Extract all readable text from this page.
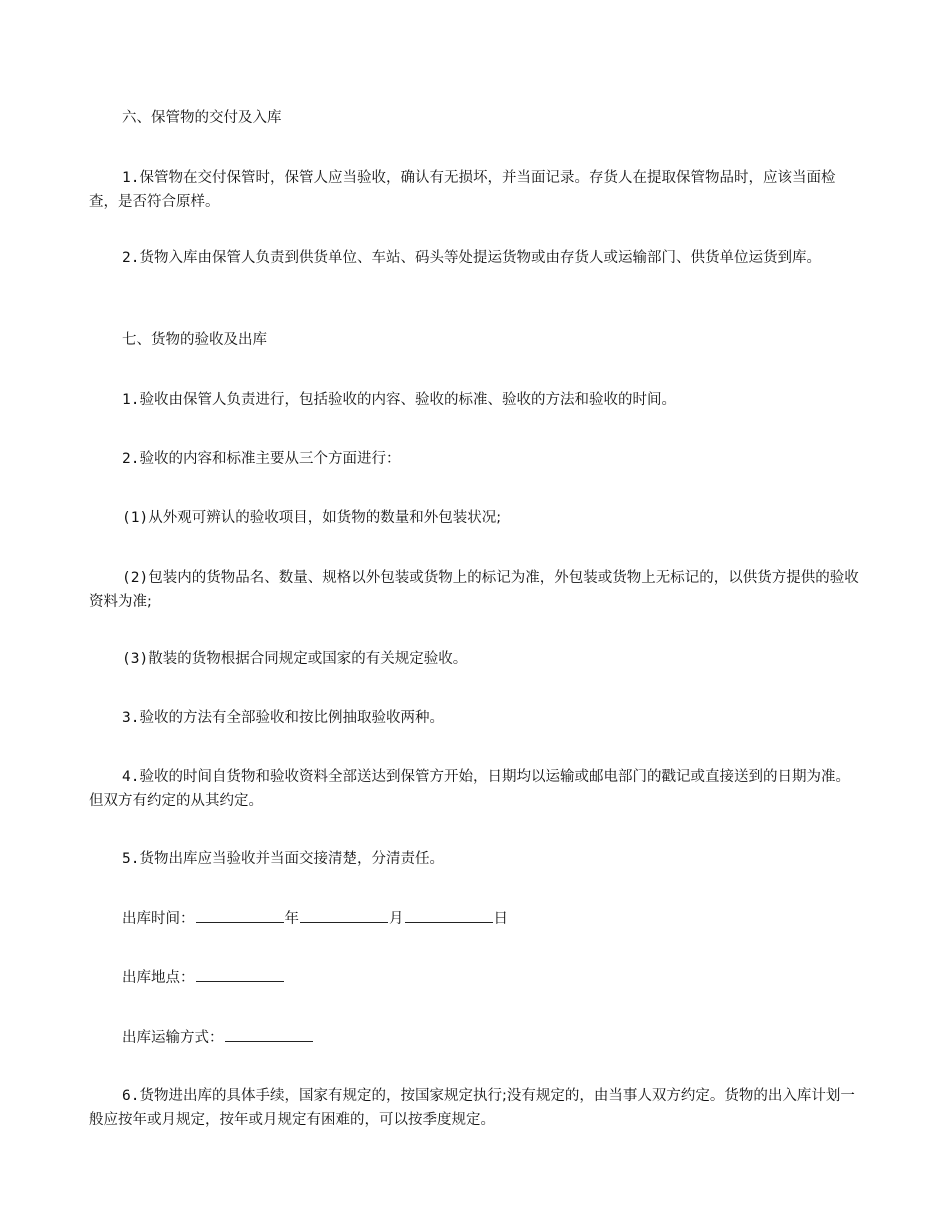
六、保管物的交付及入库

1.保管物在交付保管时，保管人应当验收，确认有无损坏，并当面记录。存货人在提取保管物品时，应该当面检查，是否符合原样。

2.货物入库由保管人负责到供货单位、车站、码头等处提运货物或由存货人或运输部门、供货单位运货到库。

七、货物的验收及出库

1.验收由保管人负责进行，包括验收的内容、验收的标准、验收的方法和验收的时间。

2.验收的内容和标准主要从三个方面进行：

(1)从外观可辨认的验收项目，如货物的数量和外包装状况;

(2)包装内的货物品名、数量、规格以外包装或货物上的标记为准，外包装或货物上无标记的，以供货方提供的验收资料为准;

(3)散装的货物根据合同规定或国家的有关规定验收。

3.验收的方法有全部验收和按比例抽取验收两种。

4.验收的时间自货物和验收资料全部送达到保管方开始，日期均以运输或邮电部门的戳记或直接送到的日期为准。但双方有约定的从其约定。

5.货物出库应当验收并当面交接清楚，分清责任。

出库时间：	年	月	日

出库地点：

出库运输方式：

6.货物进出库的具体手续，国家有规定的，按国家规定执行;没有规定的，由当事人双方约定。货物的出入库计划一般应按年或月规定，按年或月规定有困难的，可以按季度规定。
